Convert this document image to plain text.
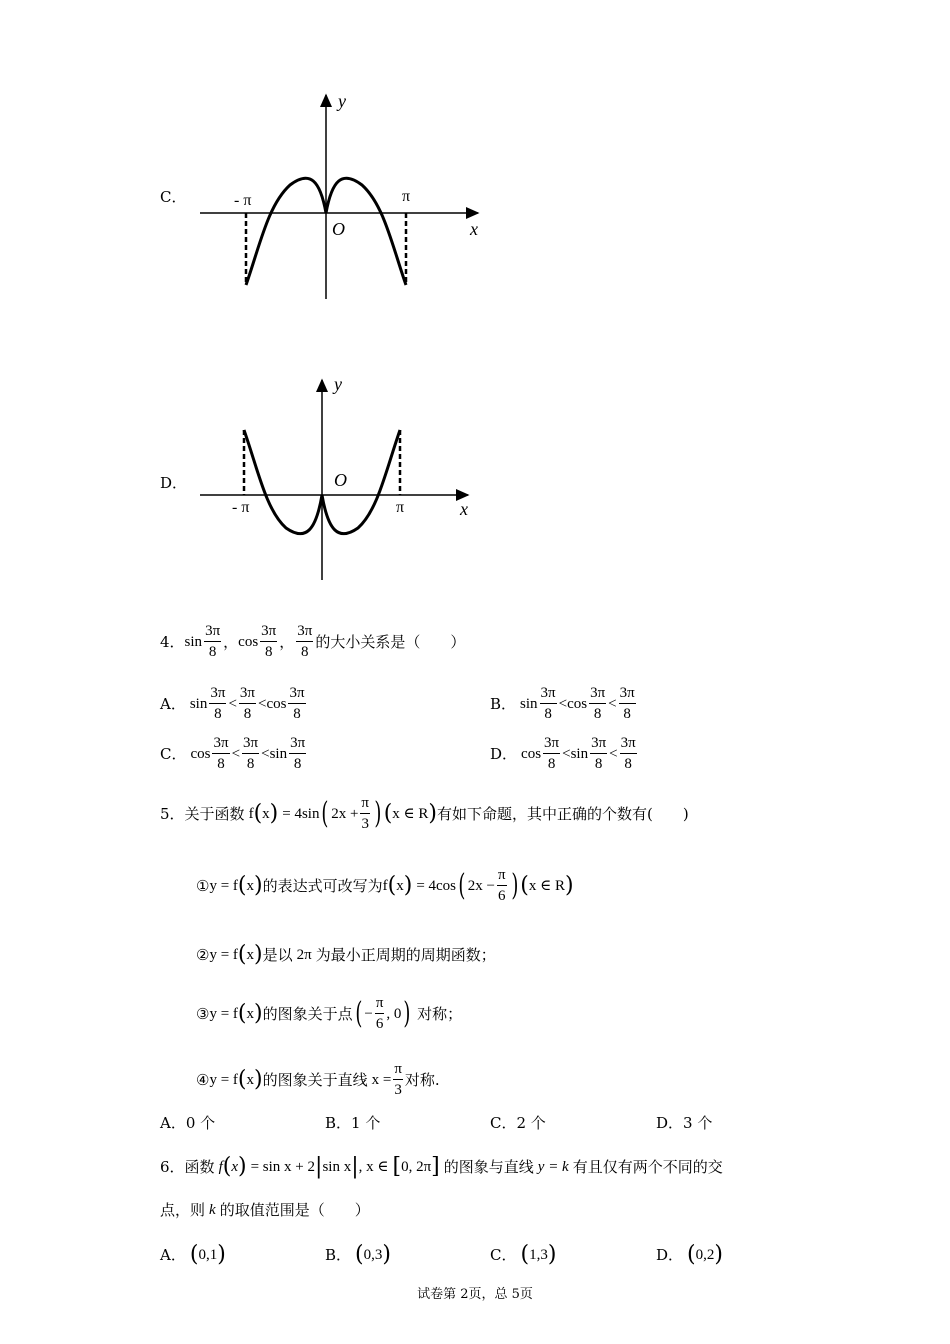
C．	- π	π
O	x
y
D．
- π	π
O
x
y
4． $\sin \frac{3\pi}{8}$ ， $\cos \frac{3\pi}{8}$ ， $\frac{3\pi}{8}$ 的大小关系是（　　）
A． $\sin \frac{3\pi}{8} < \frac{3\pi}{8} < \cos \frac{3\pi}{8}$	B． $\sin \frac{3\pi}{8} < \cos \frac{3\pi}{8} < \frac{3\pi}{8}$
C． $\cos \frac{3\pi}{8} < \frac{3\pi}{8} < \sin \frac{3\pi}{8}$	D． $\cos \frac{3\pi}{8} < \sin \frac{3\pi}{8} < \frac{3\pi}{8}$
5． 关于函数 f ( x ) = 4sin ( $2x + \frac{\pi}{3}$ ) ( x ∈ R ) 有如下命题，其中正确的个数有(　　)
① y = f ( x ) 的表达式可改写为 f ( x ) = 4cos ( $2x - \frac{\pi}{6}$ ) ( x ∈ R )
② y = f ( x ) 是以 2π 为最小正周期的周期函数；
③ y = f ( x ) 的图象关于点 ( − $\frac{\pi}{6}$ , 0 ) 对称；
④ y = f ( x ) 的图象关于直线 $x = \frac{\pi}{3}$ 对称.
A．0 个	B．1 个	C．2 个	D．3 个
6． 函数 f ( x ) = sin x + 2 | sin x | , x ∈ [ 0, 2π ] 的图象与直线 y = k 有且仅有两个不同的交
点，则 k 的取值范围是（　　）
A． ( 0,1 )	B． ( 0,3 )	C． ( 1,3 )	D． ( 0,2 )
试卷第 2页，总 5页
